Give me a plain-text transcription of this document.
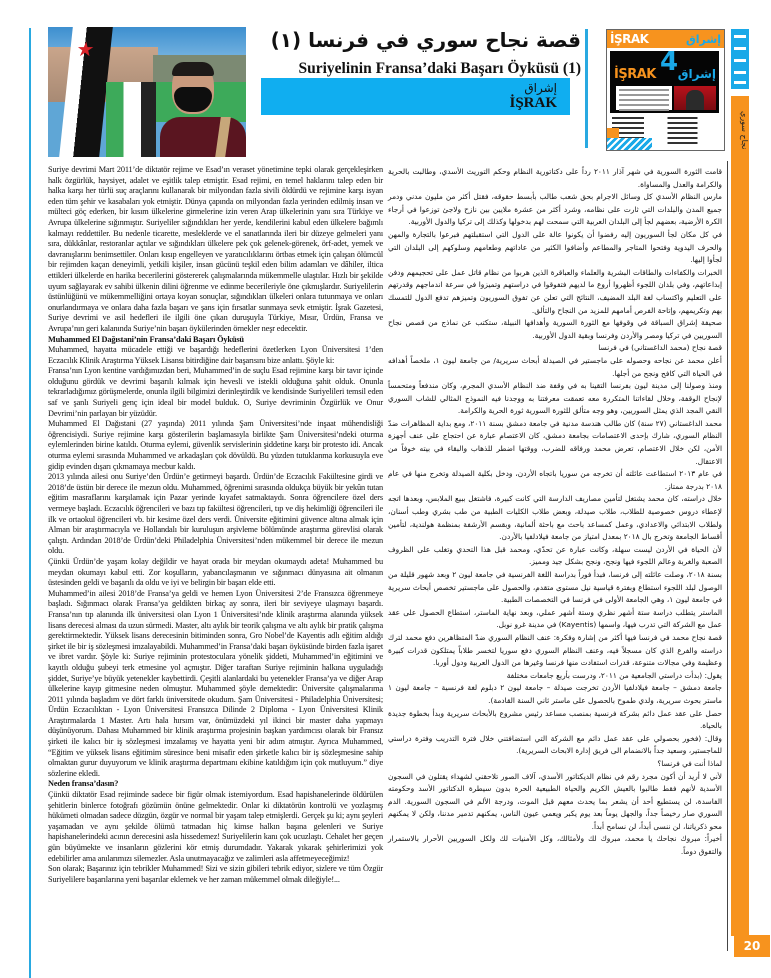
★	قصة نجاح سوري في فرنسا (١)
Suriyelinin Fransa’daki Başarı Öyküsü (1)
إشراق
İŞRAK
İŞRAK	إشراق
4
İŞRAK إشراق
نجاح سوري
20

Suriye devrimi Mart 2011’de diktatör rejime ve Esad’ın veraset yönetimine tepki olarak gerçekleşirken halk özgürlük, haysiyet, adalet ve eşitlik talep etmiştir. Esad rejimi, en temel haklarını talep eden bir halka karşı her türlü suç araçlarını kullanarak bir milyondan fazla sivili öldürdü ve rejimine karşı isyan eden tüm şehir ve kasabaları yok etmiştir. Dünya çapında on milyondan fazla yerinden edilmiş insan ve mülteci göç ederken, bir kısım ülkelerine girmelerine izin veren Arap ülkelerinin yanı sıra Türkiye ve Avrupa ülkelerine sığınmıştır. Suriyeliler sığındıkları her yerde, kendilerini kabul eden ülkelere bağımlı kalmayı reddettiler. Bu nedenle ticarette, mesleklerde ve el sanatlarında ileri bir düzeye gelmeleri yanı sıra, dükkânlar, restoranlar açtılar ve sığındıkları ülkelere pek çok gelenek-görenek, örf-adet, yemek ve davranışlarını benimsettiler. Onları kısıp engelleyen ve yaratıcılıklarını örtbas etmek için çalışan ölümcül bir rejimden kaçan deneyimli, yetkili kişiler, insan gücünü teşkil eden bilim adamları ve dâhiler, iltica ettikleri ülkelerde en harika becerilerini göstererek çalışmalarında mükemmelle ulaştılar. Hızlı bir şekilde uyum sağlayarak ev sahibi ülkenin dilini öğrenme ve edinme becerileriyle öne çıkmışlardır. Suriyelilerin üstünlüğünü ve mükemmelliğini ortaya koyan sonuçlar, sığındıkları ülkeleri onlara tutunmaya ve onları onurlandırmaya ve onlara daha fazla başarı ve şans için fırsatlar sunmaya sevk etmiştir. İşrak Gazetesi, Suriye devrimi ve asil hedefleri ile ilgili öne çıkan duruşuyla Türkiye, Mısır, Ürdün, Fransa ve Avrupa’nın geri kalanında Suriye’nin başarı öykülerinden örnekler neşr edecektir.

Muhammed El Dağıstani’nin Fransa’daki Başarı Öyküsü

Muhammed, hayatta mücadele ettiği ve başardığı hedeflerini özetlerken Lyon Üniversitesi 1’den Eczacılık Klinik Araştırma Yüksek Lisansı bitirdiğine dair başarısını bize anlattı. Şöyle ki:

Fransa’nın Lyon kentine vardığımızdan beri, Muhammed’in de suçlu Esad rejimine karşı bir tavır içinde olduğunu gördük ve devrimi başarılı kılmak için hevesli ve istekli olduğuna şahit olduk. Onunla tekrarladığımız görüşmelerde, onunla ilgili bilgimizi derinleştirdik ve kendisinde Suriyelileri temsil eden saf ve şanlı Suriyeli genç için ideal bir model bulduk. O, Suriye devriminin Özgürlük ve Onur Devrimi’nin parlayan bir yüzüdür.

Muhammed El Dağıstani (27 yaşında) 2011 yılında Şam Üniversitesi’nde inşaat mühendisliği öğrencisiydi. Suriye rejimine karşı gösterilerin başlamasıyla birlikte Şam Üniversitesi’ndeki oturma eylemlerinden birine katıldı. Oturma eylemi, güvenlik servislerinin şiddetine karşı bir protesto idi. Ancak oturma eylemi sırasında Muhammed ve arkadaşları çok dövüldü. Bu yüzden tutuklanma korkusuyla eve gidip evinden dışarı çıkmamaya mecbur kaldı.

2013 yılında ailesi onu Suriye’den Ürdün’e getirmeyi başardı. Ürdün’de Eczacılık Fakültesine girdi ve 2018’de üstün bir derece ile mezun oldu. Muhammed, öğrenimi sırasında oldukça büyük bir yekûn tutan eğitim masraflarını karşılamak için Pazar yerinde kıyafet satmaktaydı. Sonra öğrencilere özel ders vermeye başladı. Eczacılık öğrencileri ve bazı tıp fakültesi öğrencileri, tıp ve diş hekimliği öğrencileri ile ilk ve ortaokul öğrencileri vb. bir kesime özel ders verdi. Üniversite eğitimini güvence altına almak için Alman bir araştırmacıyla ve Hollandalı bir kuruluşun arşivleme bölümünde araştırma görevlisi olarak çalıştı. Ardından 2018’de Ürdün’deki Philadelphia Üniversitesi’nden mükemmel bir derece ile mezun oldu.

Çünkü Ürdün’de yaşam kolay değildir ve hayat orada bir meydan okumaydı adeta! Muhammed bu meydan okumayı kabul etti. Zor koşulların, yabancılaşmanın ve sığınmacı dünyasına ait olmanın üstesinden geldi ve başarılı da oldu ve iyi ve belirgin bir başarı elde etti.

Muhammed’in ailesi 2018’de Fransa’ya geldi ve hemen Lyon Üniversitesi 2’de Fransızca öğrenmeye başladı. Sığınmacı olarak Fransa’ya geldikten birkaç ay sonra, ileri bir seviyeye ulaşmayı başardı. Fransa’nın tıp alanında ilk üniversitesi olan Lyon 1 Üniversitesi’nde klinik araştırma alanında yüksek lisans derecesi alması da uzun sürmedi. Master, altı aylık bir teorik çalışma ve altı aylık bir pratik çalışma gerektirmektedir. Yüksek lisans derecesinin bitiminden sonra, Gro Nobel’de Kayentis adlı eğitim aldığı şirket ile bir iş sözleşmesi imzalayabildi. Muhammed’in Fransa’daki başarı öyküsünde birden fazla işaret ve ibret vardır. Şöyle ki: Suriye rejiminin protestoculara yönelik şiddeti, Muhammed’in eğitimini ve kayıtlı olduğu şubeyi terk etmesine yol açmıştır. Diğer taraftan Suriye rejiminin halkına uyguladığı şiddet, Suriye’ye büyük yetenekler kaybettirdi. Çeşitli alanlardaki bu yetenekler Fransa’ya ve diğer Arap ülkelerine kayıp gitmesine neden olmuştur. Muhammed şöyle demektedir: Üniversite çalışmalarıma 2011 yılında başladım ve dört farklı üniversitede okudum. Şam Üniversitesi - Philadelphia Üniversitesi; Ürdün Eczacılıktan - Lyon Üniversitesi Fransızca Dilinde 2 Diploma - Lyon Üniversitesi Klinik Araştırmalarda 1 Master. Artı hala hırsım var, önümüzdeki yıl ikinci bir master daha yapmayı düşünüyorum. Dahası Muhammed bir klinik araştırma projesinin başkan yardımcısı olarak bir Fransız şirketi ile kalıcı bir iş sözleşmesi imzalamış ve hayatta yeni bir adım atmıştır. Ayrıca Muhammed, “Eğitim ve yüksek lisans eğitimim süresince beni misafir eden şirketle kalıcı bir iş sözleşmesine sahip olmaktan gurur duyuyorum ve klinik araştırma departmanı ekibine katıldığım için çok mutluyum.” diye sözlerine ekledi.

Neden fransa’dasın?

Çünkü diktatör Esad rejiminde sadece bir figür olmak istemiyordum. Esad hapishanelerinde öldürülen şehitlerin binlerce fotoğrafı gözümün önüne gelmektedir. Onlar ki diktatörün kontrolü ve yozlaşmış hükümeti olmadan sadece düzgün, özgür ve normal bir yaşam talep etmişlerdi. Gerçek şu ki; aynı şeyleri yaşamadan ve aynı şekilde ölümü tatmadan hiç kimse halkın başına gelenleri ve Suriye hapishanelerindeki acının derecesini asla hissedemez! Suriyelilerin kanı çok ucuzlaştı. Cehalet her geçen gün büyümekte ve insanların gözlerini kör etmiş durumdadır. Yakarak yıkarak şehirlerimizi yok edebilirler ama anılarımızı silemezler. Asla unutmayacağız ve zalimleri asla affetmeyeceğimiz!

Son olarak; Başarınız için tebrikler Muhammed! Sizi ve sizin gibileri tebrik ediyor, sizlere ve tüm Özgür Suriyelilere başarılarına yeni başarılar eklemek ve her zaman mükemmel olmak dileğiyle!...

قامت الثورة السورية في شهر آذار ٢٠١١ رداً على دكتاتورية النظام وحكم التوريث الأسدي، وطالبت بالحرية والكرامة والعدل والمساواة.

مارس النظام الأسدي كل وسائل الاجرام بحق شعب طالب بأبسط حقوقه، فقتل أكثر من مليون مدني ودمر جميع المدن والبلدات التي ثارت على نظامه، وشرد أكثر من عشرة ملايين بين نازح ولاجئ توزعوا في أرجاء الكرة الأرضية، بعضهم لجأ إلى البلدان العربية التي سمحت لهم بدخولها وكذلك إلى تركيا والدول الأوربية.

في كل مكان لجأ السوريون إليه رفضوا أن يكونوا عالة على الدول التي استقبلتهم فبرعوا بالتجارة والمهن والحرف اليدوية وفتحوا المتاجر والمطاعم وأضافوا الكثير من عاداتهم وطعامهم وسلوكهم إلى البلدان التي لجأوا إليها.

الخبرات والكفاءات والطاقات البشرية والعلماء والعباقرة الذين هربوا من نظام قاتل عمل على تحجيمهم ودفن إبداعاتهم، وفي بلدان اللجوء أظهروا أروع ما لديهم فتفوقوا في دراستهم وتميزوا في سرعة اندماجهم وقدرتهم على التعليم واكتساب لغة البلد المضيف، النتائج التي تعلن عن تفوق السوريون وتميزهم تدفع الدول للتمسك بهم وتكريمهم، وإتاحة الفرص أمامهم للمزيد من النجاح والتألق.

صحيفة إشراق السباقة في وقوفها مع الثورة السورية وأهدافها النبيلة، ستكتب عن نماذج من قصص نجاح السوريين في تركيا ومصر والأردن وفرنسا وبقية الدول الأوربية.

قصة نجاح (محمد الداغستاني) في فرنسا

أعلن محمد عن نجاحه وحصوله على ماجستير في الصيدلة أبحاث سريرية/ من جامعة ليون ١، ملخصاً أهدافه في الحياة التي كافح ونجح من أجلها.

ومنذ وصولنا إلى مدينة ليون بفرنسا التقينا به في وقفة ضد النظام الأسدي المجرم، وكان مندفعاً ومتحمساً لإنجاح الوقفة، وخلال لقاءاتنا المتكررة معه تعمقت معرفتنا به ووجدنا فيه النموذج المثالي للشاب السوري النقي المجد الذي يمثل السوريين، وهو وجه متألق للثورة السورية ثورة الحرية والكرامة.

محمد الداغستاني (٢٧ سنة) كان طالب هندسة مدنية في جامعة دمشق بسنة ٢٠١١، ومع بداية المظاهرات ضدّ النظام السوري، شارك بإحدى الاعتصامات بجامعة دمشق، كان الاعتصام عبارة عن احتجاج على عنف أجهزة الأمن، لكن خلال الاعتصام، تعرض محمد ورفاقه للضرب، ووقتها اضطر للذهاب والبقاء في بيته خوفاً من الاعتقال.

في عام ٢٠١٣ استطاعت عائلته أن تخرجه من سوريا باتجاه الأردن، ودخل بكلية الصيدلة وتخرج منها في عام ٢٠١٨ بدرجة ممتاز.

خلال دراسته، كان محمد يشتغل لتأمين مصاريف الدارسة التي كانت كبيرة، فاشتغل ببيع الملابس، وبعدها اتجه لإعطاء دروس خصوصية للطلاب، طلاب صيدلة، وبعض طلاب الكليات الطبية من طب بشري وطب أسنان، ولطلاب الابتدائي والاعدادي، وعمل كمساعد باحث مع باحثة ألمانية، وبقسم الأرشفة بمنظمة هولندية، لتأمين أقساط الجامعة وتخرج بال ٢٠١٨ بمعدل امتياز من جامعة فيلادلفيا بالأردن.

لأن الحياة في الأردن ليست سهلة، وكانت عبارة عن تحدّي، ومحمد قبل هذا التحدي وتغلب على الظروف الصعبة والغربة وعالم اللجوء فيها ونجح، ونجح بشكل جيد ومميز.

بسنة ٢٠١٨، وصلت عائلته إلى فرنسا، فبدأ فوراً بدراسة اللغة الفرنسية في جامعة ليون ٢ وبعد شهور قليلة من الوصول لبلد اللجوء استطاع وبفترة قياسية نيل مستوى متقدم، والحصول على ماجستير تخصص أبحاث سريرية في جامعة ليون ١، وهي الجامعة الأولى في فرنسا في التخصصات الطبية.

الماستر يتطلب دراسة ستة أشهر نظري وستة أشهر عملي، وبعد نهاية الماستر، استطاع الحصول على عقد عمل مع الشركة التي تدرب فيها، واسمها (Kayentis) في مدينة غرو نوبل.

قصة نجاح محمد في فرنسا فيها أكثر من إشارة وفكرة: عنف النظام السوري ضدّ المتظاهرين دفع محمد لترك دراسته والفرع الذي كان مسجلاً فيه، وعنف النظام السوري دفع سوريا لتخسر طلاباً يمتلكون قدرات كبيرة وعظيمة وفي مجالات متنوعة، قدرات استفادت منها فرنسا وغيرها من الدول العربية ودول أوربا.

يقول: (بدأت دراستي الجامعية من ٢٠١١، ودرست بأربع جامعات مختلفة

جامعة دمشق – جامعة فيلادلفيا الأردن تخرجت صيدلة – جامعة ليون ٢ دبلوم لغة فرنسية – جامعة ليون ١ ماستر بحوث سريرية، ولدي طموح بالحصول على ماستر ثاني السنة القادمة).

حصل على عقد عمل دائم بشركة فرنسية بمنصب مساعد رئيس مشروع بالأبحاث سريرية وبدأ بخطوة جديدة بالحياة.

وقال: (فخور بحصولي على عقد عمل دائم مع الشركة التي استضافتني خلال فترة التدريب وفترة دراستي للماجستير، وسعيد جداً بالانضمام الى فريق إدارة الابحاث السريرية).

لماذا أنت في فرنسا؟

لأني لا أريد أن أكون مجرد رقم في نظام الديكتاتور الأسدي، آلاف الصور تلاحقني لشهداء يقتلون في السجون الأسدية لأنهم فقط طالبوا بالعيش الكريم والحياة الطبيعية الحرة بدون سيطرة الدكتاتور الأسد وحكومته الفاسدة، لن يستطيع أحد أن يشعر بما يحدث معهم قبل الموت، ودرجة الألم في السجون السورية. الدم السوري صار رخيصاً جداً، والجهل يوماً بعد يوم يكبر ويعمي عيون الناس، يمكنهم تدمير مدننا، ولكن لا يمكنهم محو ذكرياتنا، لن ننسى أبداً، لن نسامح أبداً.

أخيراً: مبروك نجاحك يا محمد، مبروك لك ولأمثالك، وكل الأمنيات لك ولكل السوريين الأحرار بالاستمرار والتفوق دوماً.
